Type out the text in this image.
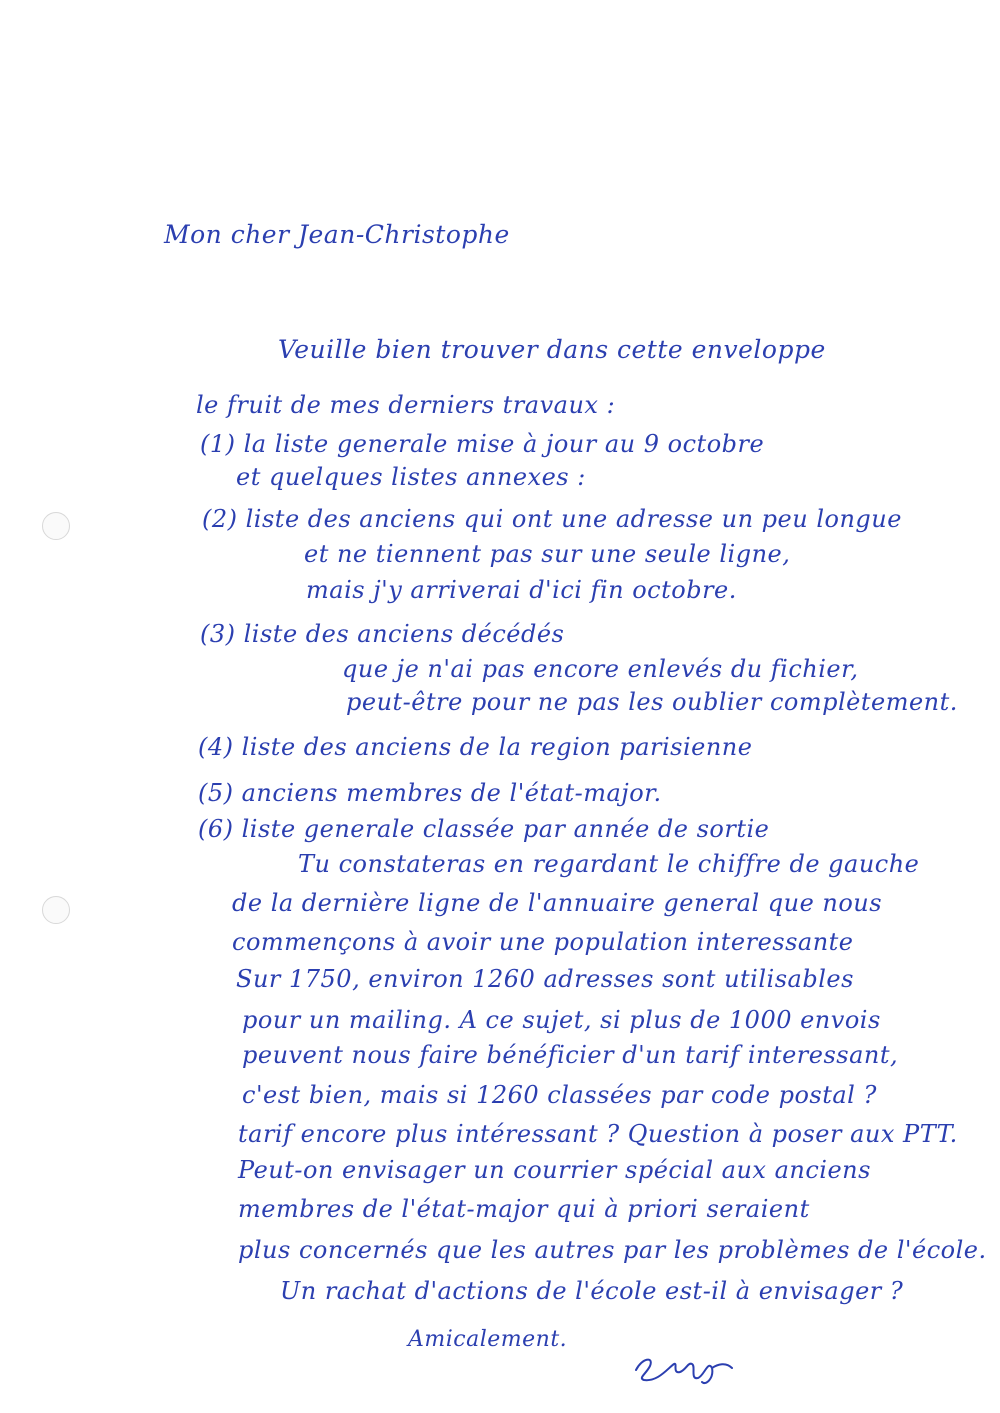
Mon cher Jean-Christophe
Veuille bien trouver dans cette enveloppe
le fruit de mes derniers travaux :
(1) la liste generale mise à jour au 9 octobre
et quelques listes annexes :
(2) liste des anciens qui ont une adresse un peu longue
et ne tiennent pas sur une seule ligne,
mais j'y arriverai d'ici fin octobre.
(3) liste des anciens décédés
que je n'ai pas encore enlevés du fichier,
peut-être pour ne pas les oublier complètement.
(4) liste des anciens de la region parisienne
(5) anciens membres de l'état-major.
(6) liste generale classée par année de sortie
Tu constateras en regardant le chiffre de gauche
de la dernière ligne de l'annuaire general que nous
commençons à avoir une population interessante
Sur 1750, environ 1260 adresses sont utilisables
pour un mailing. A ce sujet, si plus de 1000 envois
peuvent nous faire bénéficier d'un tarif interessant,
c'est bien, mais si 1260 classées par code postal ?
tarif encore plus intéressant ? Question à poser aux PTT.
Peut-on envisager un courrier spécial aux anciens
membres de l'état-major qui à priori seraient
plus concernés que les autres par les problèmes de l'école.
Un rachat d'actions de l'école est-il à envisager ?
Amicalement.	Serge
